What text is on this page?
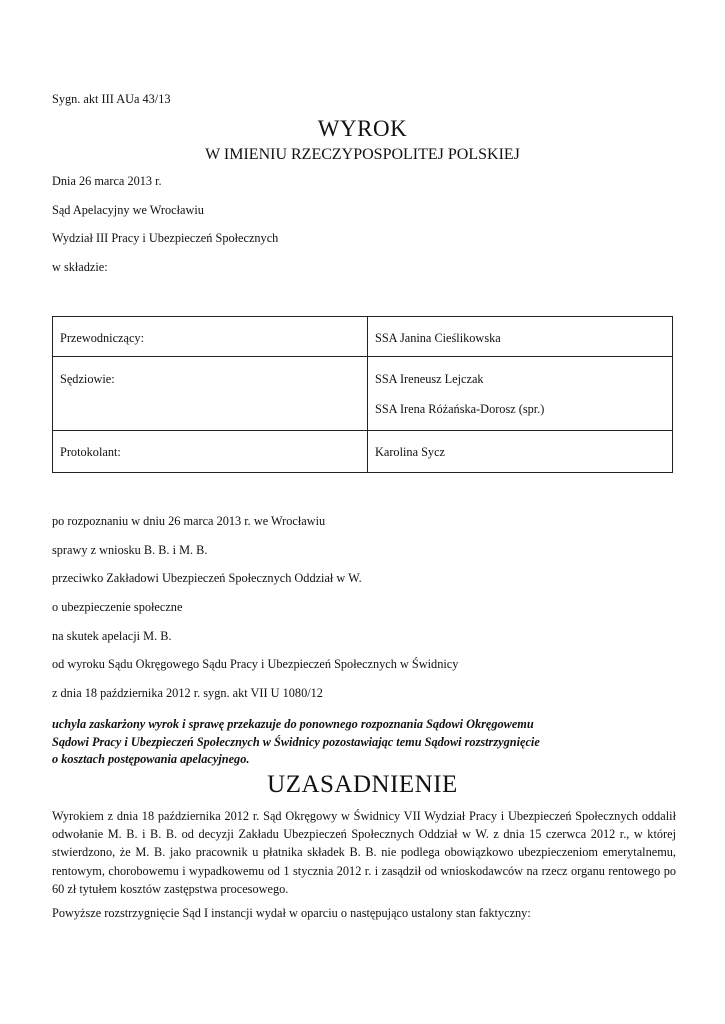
Sygn. akt III AUa 43/13
WYROK
W IMIENIU RZECZYPOSPOLITEJ POLSKIEJ
Dnia 26 marca 2013 r.
Sąd Apelacyjny we Wrocławiu
Wydział III Pracy i Ubezpieczeń Społecznych
w składzie:
Przewodniczący:	SSA Janina Cieślikowska

Sędziowie:	SSA Ireneusz Lejczak
SSA Irena Różańska-Dorosz (spr.)

Protokolant:	Karolina Sycz
po rozpoznaniu w dniu 26 marca 2013 r. we Wrocławiu
sprawy z wniosku B. B. i M. B.
przeciwko Zakładowi Ubezpieczeń Społecznych Oddział w W.
o ubezpieczenie społeczne
na skutek apelacji M. B.
od wyroku Sądu Okręgowego Sądu Pracy i Ubezpieczeń Społecznych w Świdnicy
z dnia 18 października 2012 r. sygn. akt VII U 1080/12
uchyla zaskarżony wyrok i sprawę przekazuje do ponownego rozpoznania Sądowi Okręgowemu
Sądowi Pracy i Ubezpieczeń Społecznych w Świdnicy pozostawiając temu Sądowi rozstrzygnięcie
o kosztach postępowania apelacyjnego.
UZASADNIENIE
Wyrokiem z dnia 18 października 2012 r. Sąd Okręgowy w Świdnicy VII Wydział Pracy i Ubezpieczeń Społecznych oddalił odwołanie M. B. i B. B. od decyzji Zakładu Ubezpieczeń Społecznych Oddział w W. z dnia 15 czerwca 2012 r., w której stwierdzono, że M. B. jako pracownik u płatnika składek B. B. nie podlega obowiązkowo ubezpieczeniom emerytalnemu, rentowym, chorobowemu i wypadkowemu od 1 stycznia 2012 r. i zasądził od wnioskodawców na rzecz organu rentowego po 60 zł tytułem kosztów zastępstwa procesowego.
Powyższe rozstrzygnięcie Sąd I instancji wydał w oparciu o następująco ustalony stan faktyczny:
